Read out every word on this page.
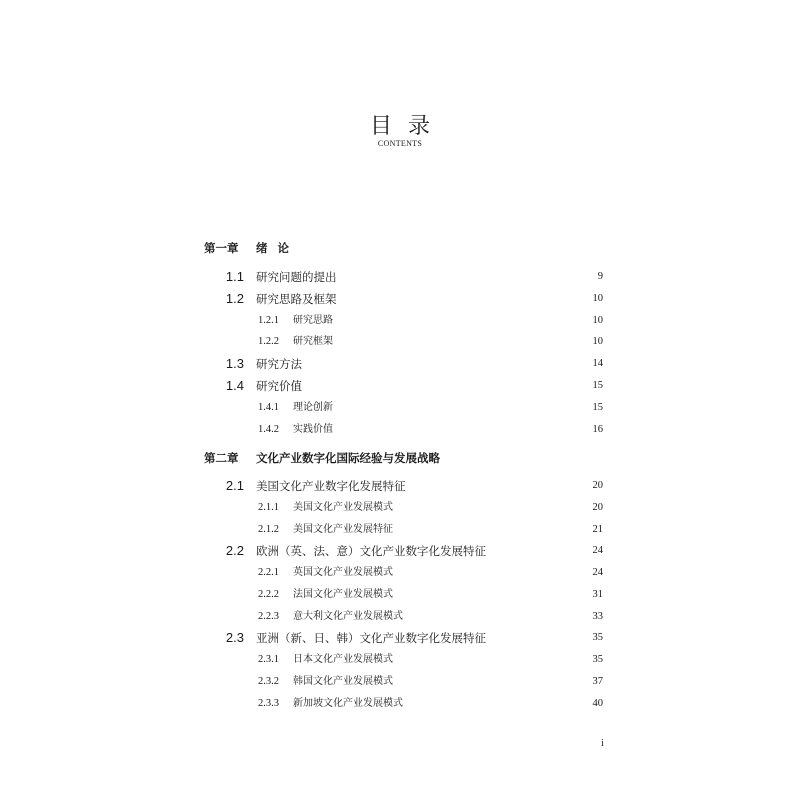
目录
CONTENTS
第一章 绪论
1.1 研究问题的提出	9
1.2 研究思路及框架	10
1.2.1 研究思路	10
1.2.2 研究框架	10
1.3 研究方法	14
1.4 研究价值	15
1.4.1 理论创新	15
1.4.2 实践价值	16
第二章 文化产业数字化国际经验与发展战略
2.1 美国文化产业数字化发展特征	20
2.1.1 美国文化产业发展模式	20
2.1.2 美国文化产业发展特征	21
2.2 欧洲（英、法、意）文化产业数字化发展特征	24
2.2.1 英国文化产业发展模式	24
2.2.2 法国文化产业发展模式	31
2.2.3 意大利文化产业发展模式	33
2.3 亚洲（新、日、韩）文化产业数字化发展特征	35
2.3.1 日本文化产业发展模式	35
2.3.2 韩国文化产业发展模式	37
2.3.3 新加坡文化产业发展模式	40
i
